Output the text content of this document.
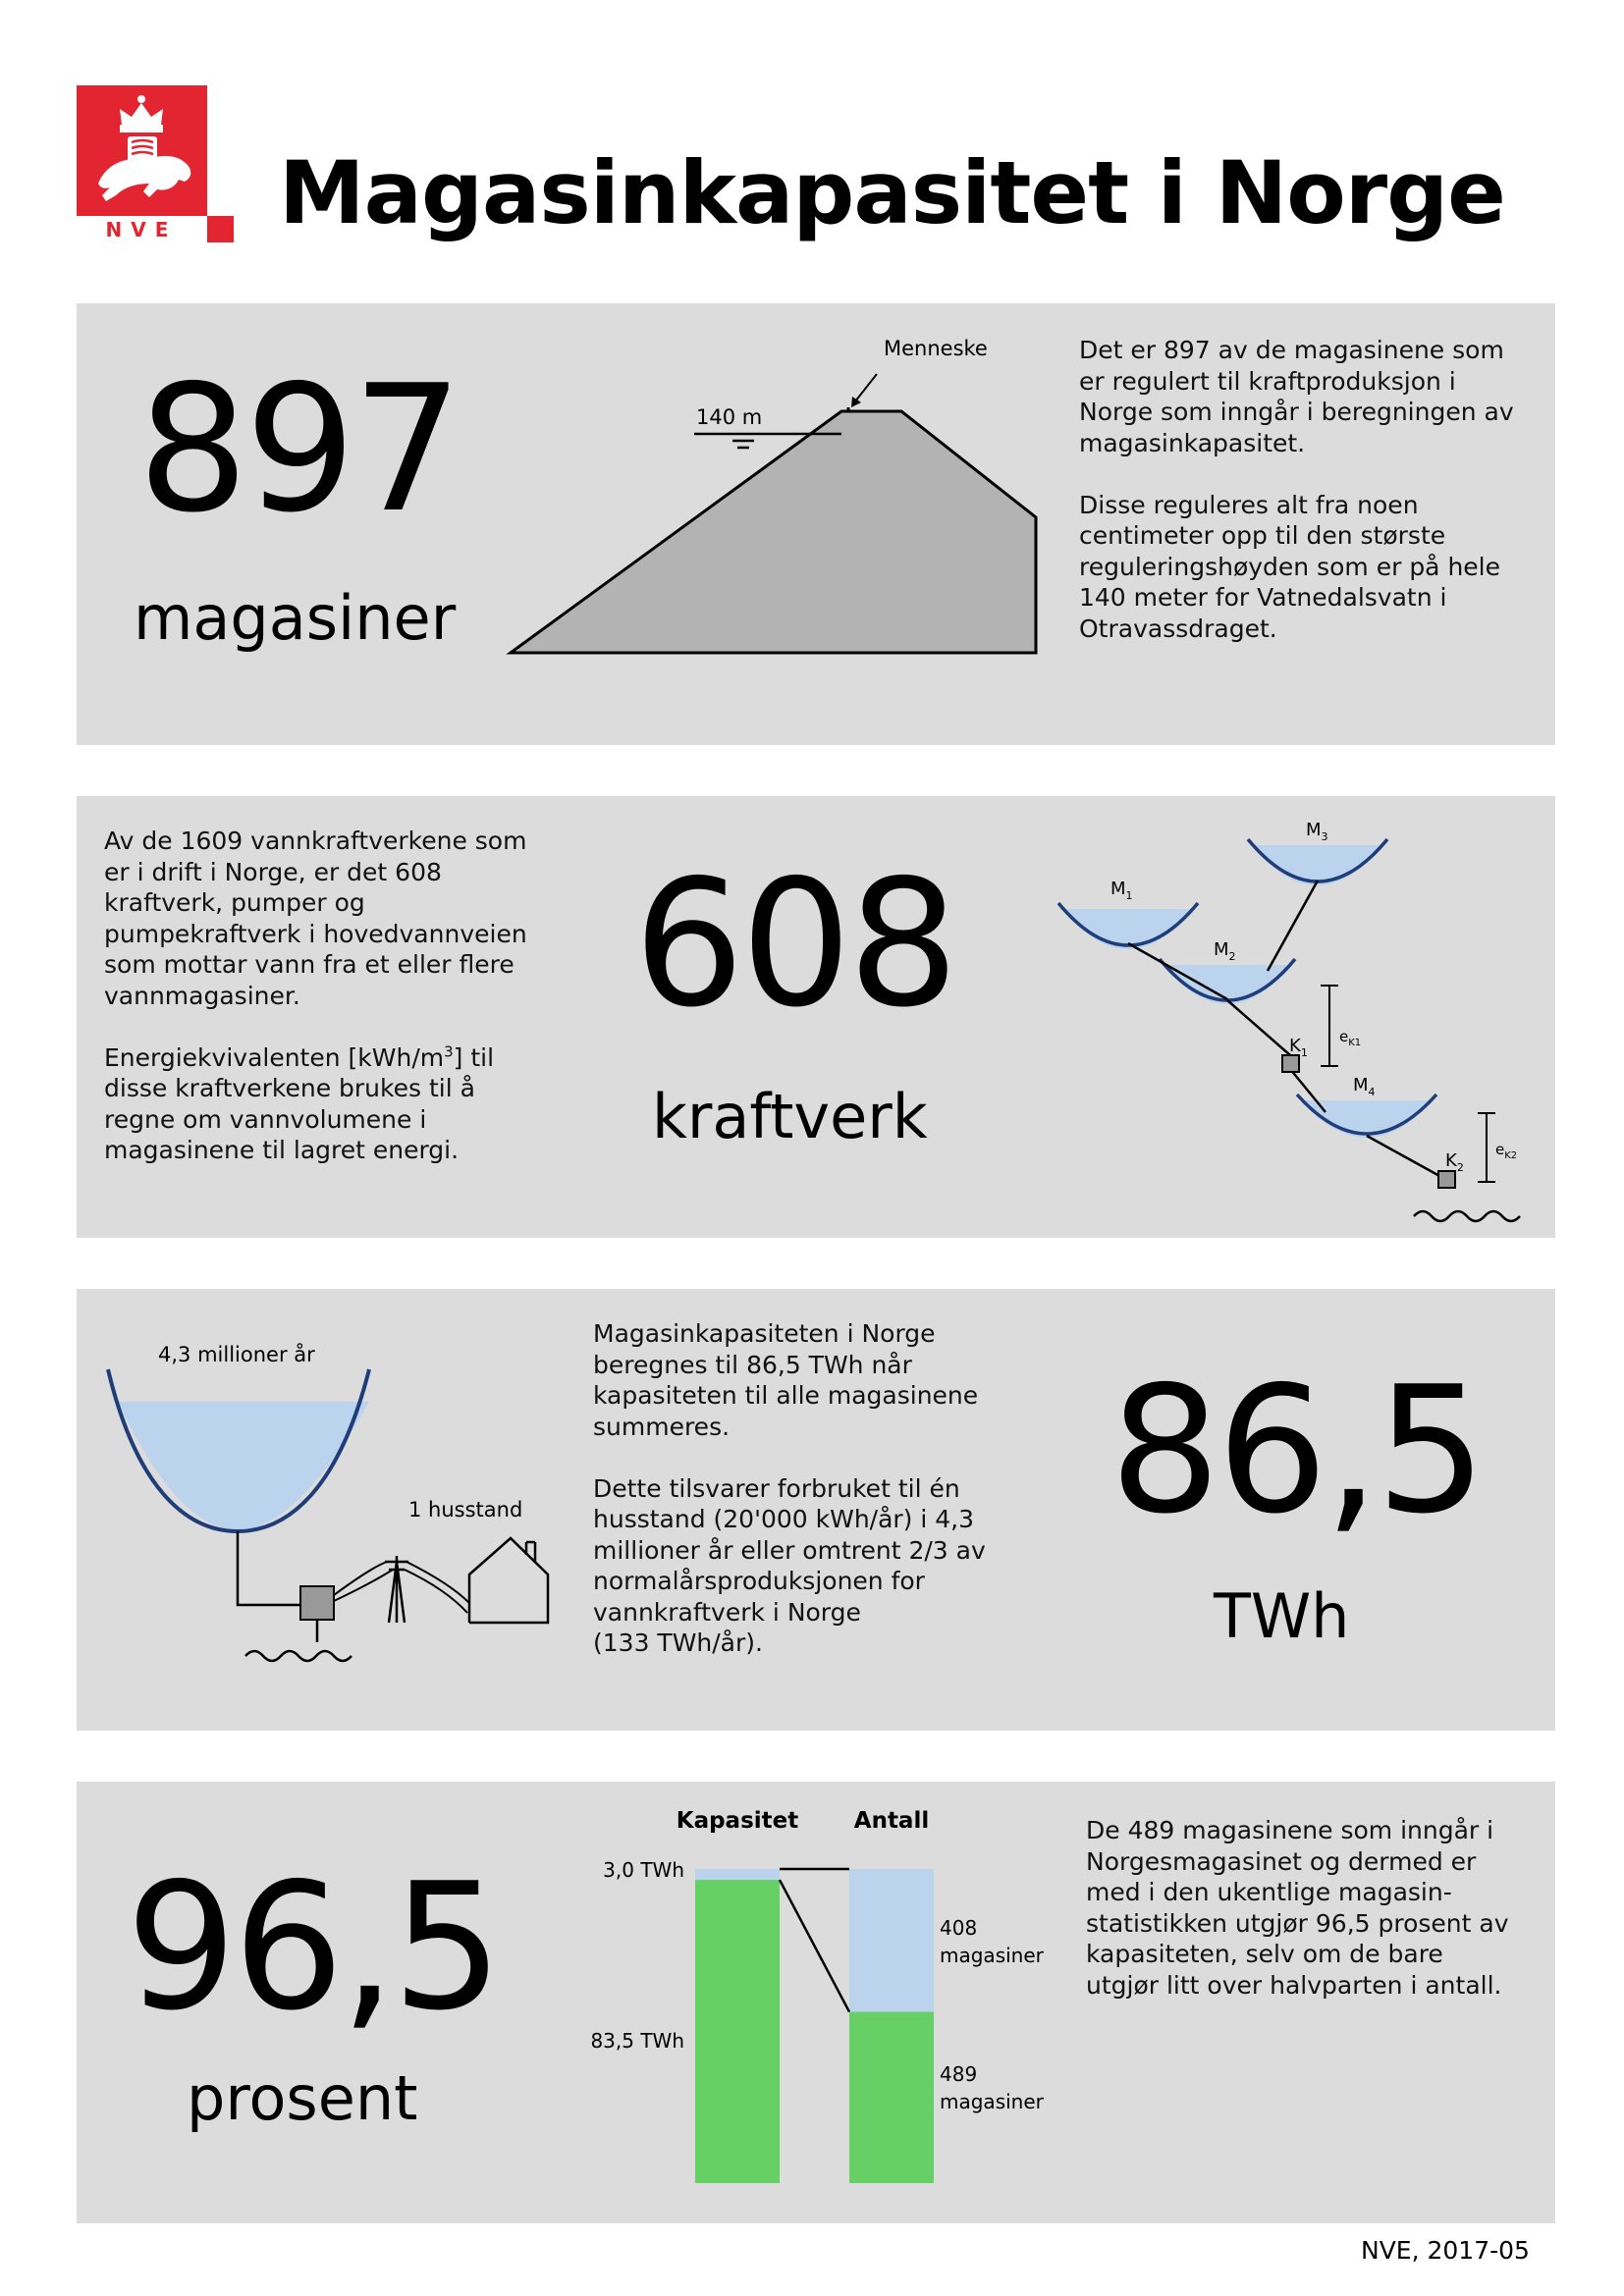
NVE Magasinkapasitet i Norge
897
magasiner
140 m
Menneske	Det er 897 av de magasinene som

er regulert til kraftproduksjon i

Norge som inngår i beregningen av

magasinkapasitet.

Disse reguleres alt fra noen

centimeter opp til den største

reguleringshøyden som er på hele

140 meter for Vatnedalsvatn i

Otravassdraget.

Av de 1609 vannkraftverkene som

er i drift i Norge, er det 608

kraftverk, pumper og

pumpekraftverk i hovedvannveien

som mottar vann fra et eller flere

vannmagasiner.

Energiekvivalenten $[kWh/m^3]$ til

disse kraftverkene brukes til å

regne om vannvolumene i

magasinene til lagret energi.

608
kraftverk
$M_1$
$M_2$
$M_3$
$M_4$
$K_1$
$K_2$
$e_{K1}$
$e_{K2}$
4,3 millioner år
1 husstand

Magasinkapasiteten i Norge

beregnes til 86,5 TWh når

kapasiteten til alle magasinene

summeres.

Dette tilsvarer forbruket til én

husstand (20'000 kWh/år) i 4,3

millioner år eller omtrent 2/3 av

normalårsproduksjonen for

vannkraftverk i Norge

(133 TWh/år).

86,5
TWh
96,5
prosent
Kapasitet Antall
3,0 TWh
83,5 TWh
408
magasiner
489
magasiner

De 489 magasinene som inngår i

Norgesmagasinet og dermed er

med i den ukentlige magasin-

statistikken utgjør 96,5 prosent av

kapasiteten, selv om de bare

utgjør litt over halvparten i antall.

NVE, 2017-05
